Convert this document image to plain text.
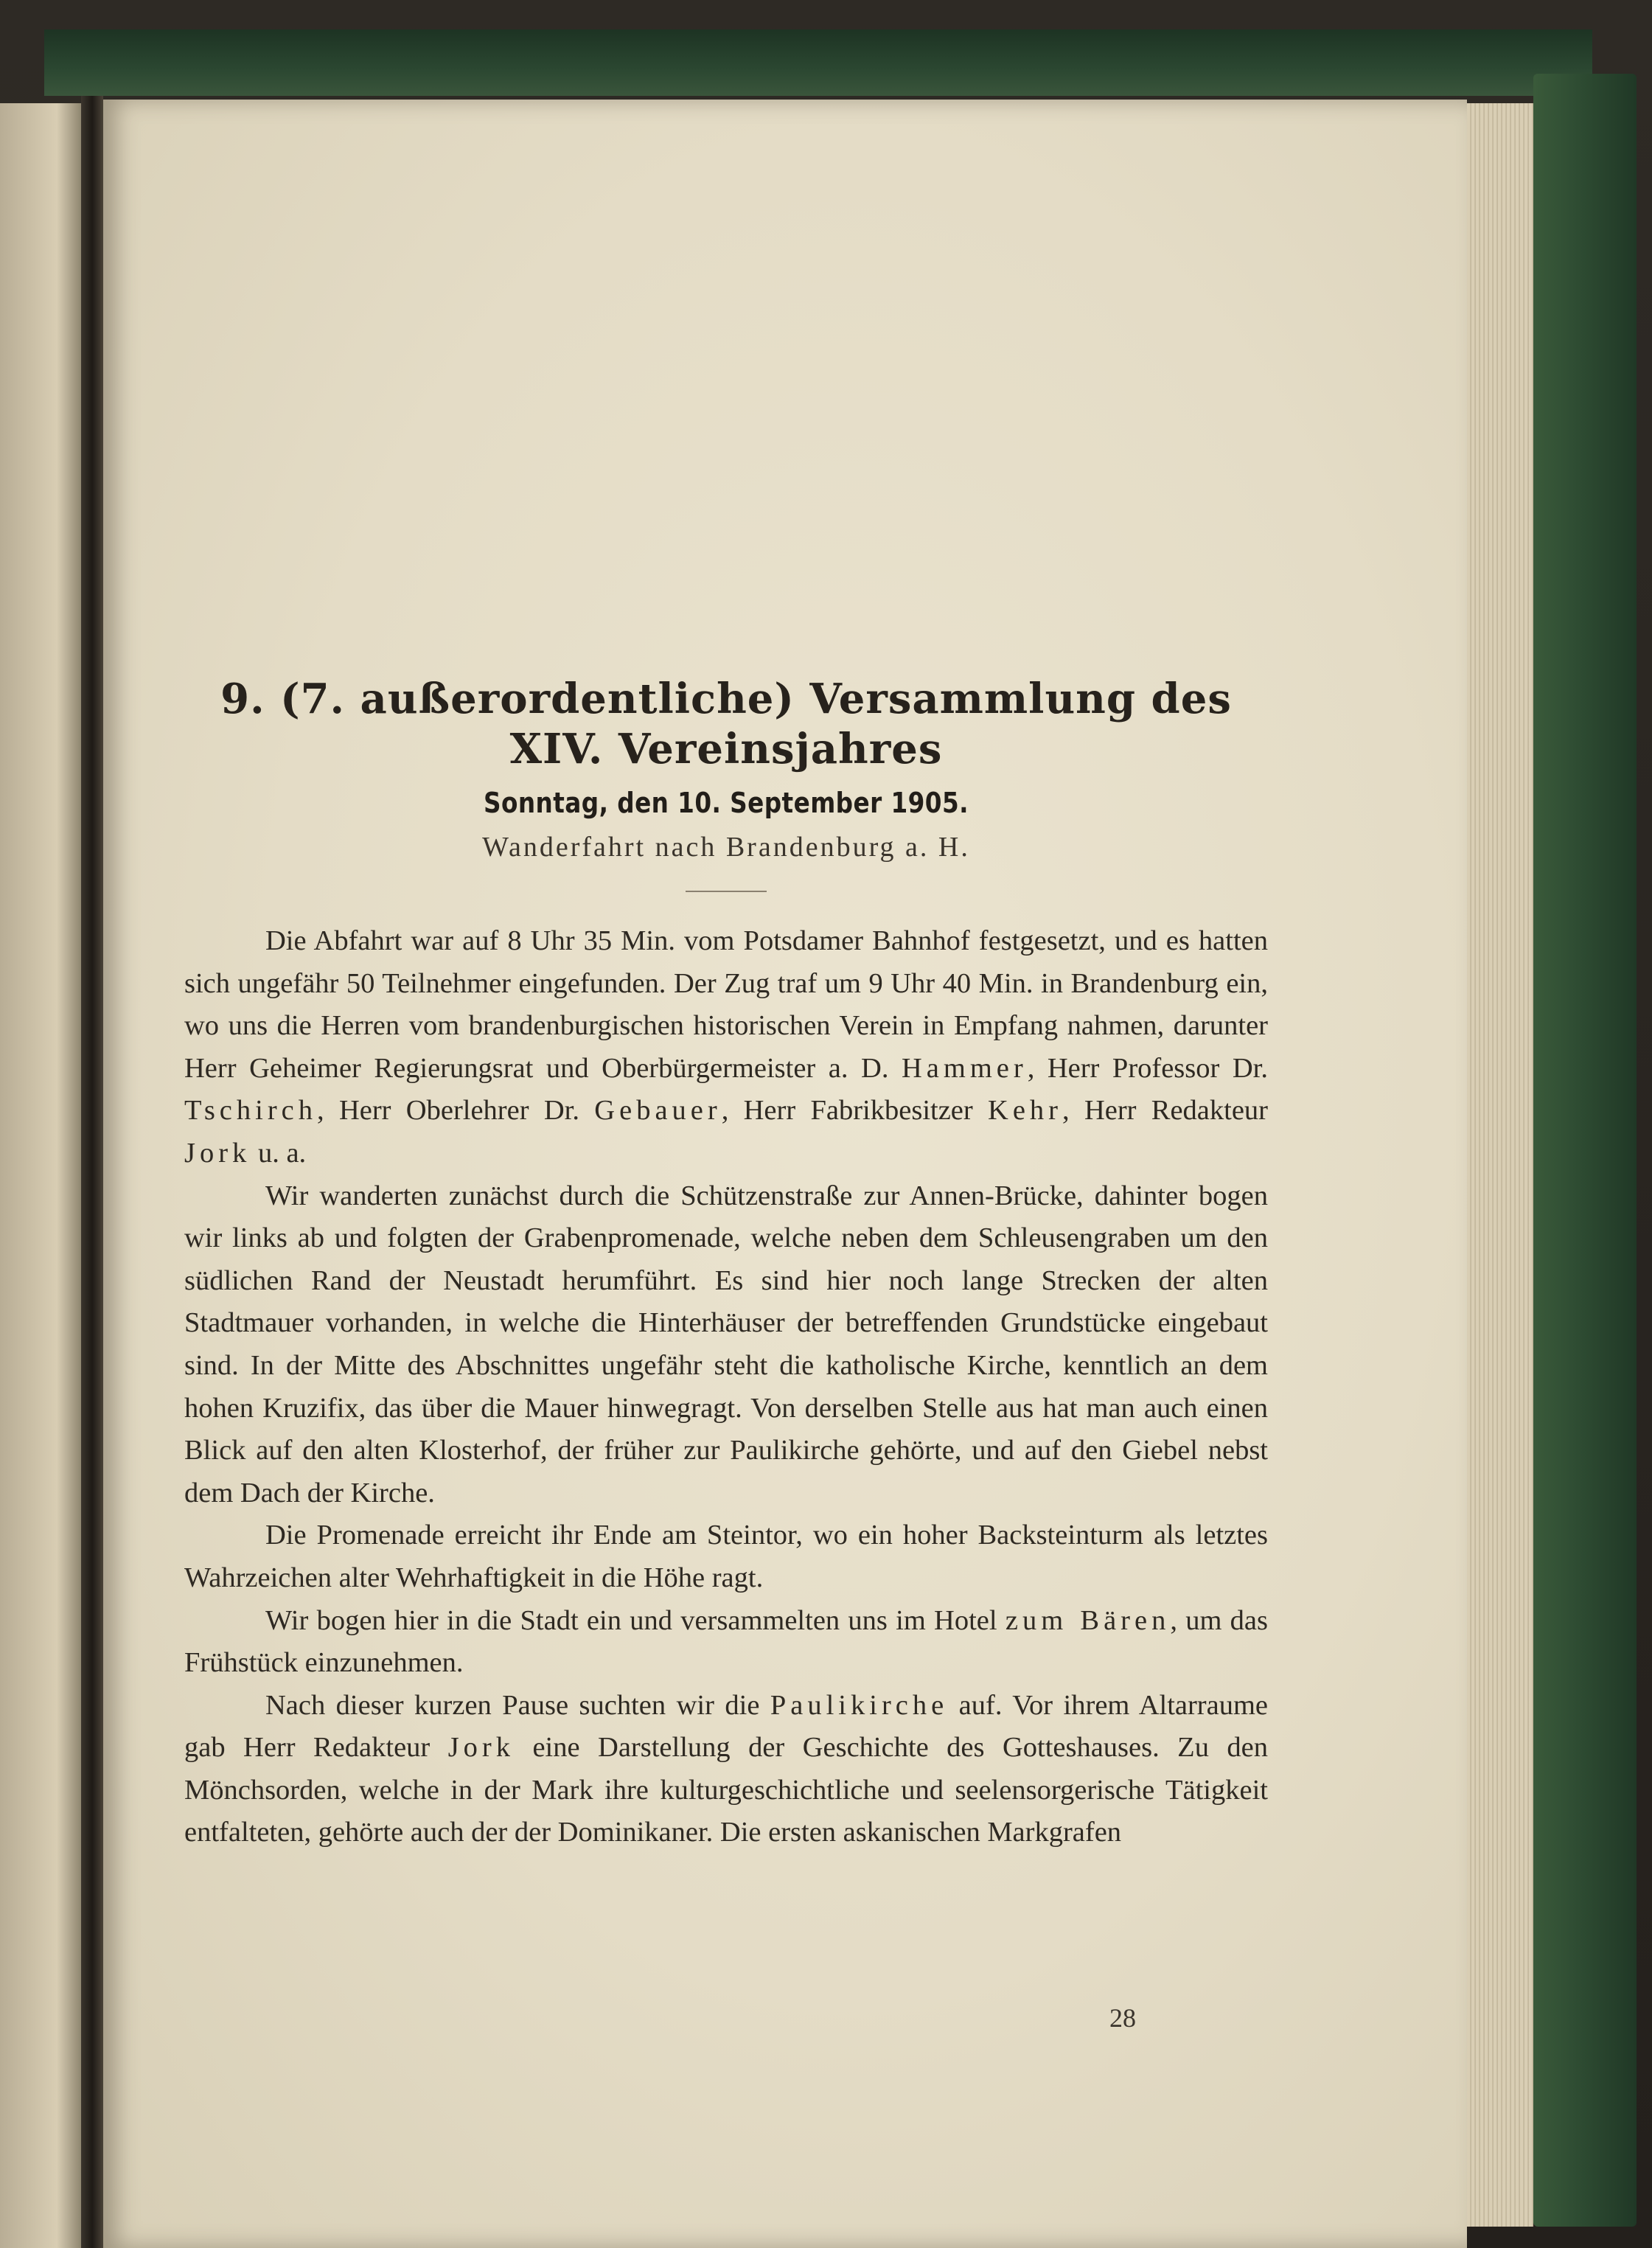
9. (7. außerordentliche) Versammlung des
XIV. Vereinsjahres
Sonntag, den 10. September 1905.
Wanderfahrt nach Brandenburg a. H.

Die Abfahrt war auf 8 Uhr 35 Min. vom Potsdamer Bahnhof festgesetzt, und es hatten sich ungefähr 50 Teilnehmer eingefunden. Der Zug traf um 9 Uhr 40 Min. in Brandenburg ein, wo uns die Herren vom brandenburgischen historischen Verein in Empfang nahmen, darunter Herr Geheimer Regierungsrat und Oberbürgermeister a. D. Hammer, Herr Professor Dr. Tschirch, Herr Oberlehrer Dr. Gebauer, Herr Fabrikbesitzer Kehr, Herr Redakteur Jork u. a.

Wir wanderten zunächst durch die Schützenstraße zur Annen-Brücke, dahinter bogen wir links ab und folgten der Grabenpromenade, welche neben dem Schleusengraben um den südlichen Rand der Neustadt herumführt. Es sind hier noch lange Strecken der alten Stadtmauer vorhanden, in welche die Hinterhäuser der betreffenden Grundstücke eingebaut sind. In der Mitte des Abschnittes ungefähr steht die katholische Kirche, kenntlich an dem hohen Kruzifix, das über die Mauer hinwegragt. Von derselben Stelle aus hat man auch einen Blick auf den alten Klosterhof, der früher zur Paulikirche gehörte, und auf den Giebel nebst dem Dach der Kirche.

Die Promenade erreicht ihr Ende am Steintor, wo ein hoher Backsteinturm als letztes Wahrzeichen alter Wehrhaftigkeit in die Höhe ragt.

Wir bogen hier in die Stadt ein und versammelten uns im Hotel zum Bären, um das Frühstück einzunehmen.

Nach dieser kurzen Pause suchten wir die Paulikirche auf. Vor ihrem Altarraume gab Herr Redakteur Jork eine Darstellung der Geschichte des Gotteshauses. Zu den Mönchsorden, welche in der Mark ihre kulturgeschichtliche und seelensorgerische Tätigkeit entfalteten, gehörte auch der der Dominikaner. Die ersten askanischen Markgrafen

28
